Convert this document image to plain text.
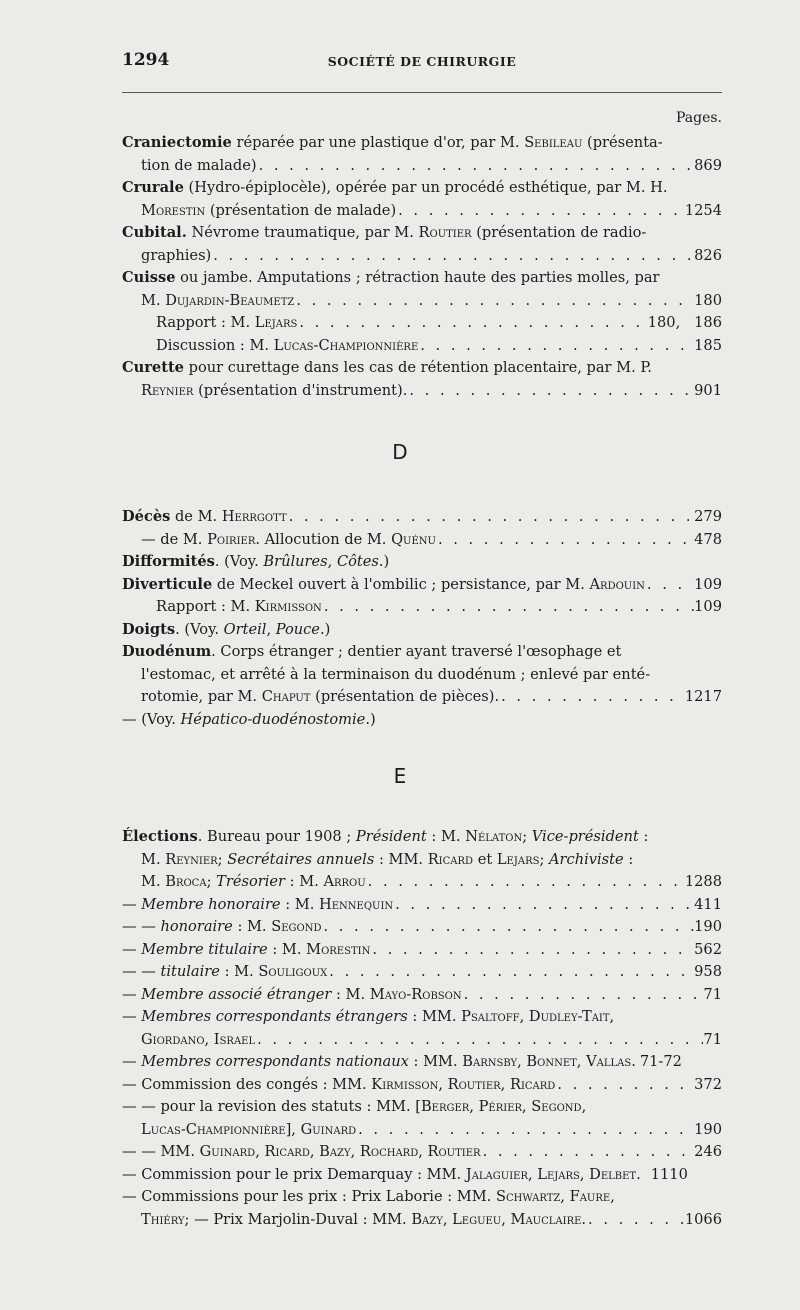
1294	SOCIÉTÉ DE CHIRURGIE
Pages.
Craniectomie réparée par une plastique d'or, par M. Sebileau (présenta-
tion de malade) . . .	869
Crurale (Hydro-épiplocèle), opérée par un procédé esthétique, par M. H.
Morestin (présentation de malade) . . .	1254
Cubital. Névrome traumatique, par M. Routier (présentation de radio-
graphies) . . .	826
Cuisse ou jambe. Amputations ; rétraction haute des parties molles, par
M. Dujardin-Beaumetz . . .	180
Rapport : M. Lejars . . .	180, 186
Discussion : M. Lucas-Championnière . . .	185
Curette pour curettage dans les cas de rétention placentaire, par M. P.
Reynier (présentation d'instrument). . . .	901
D
Décès de M. Herrgott . . .	279
— de M. Poirier. Allocution de M. Quénu . . .	478
Difformités. (Voy. Brûlures, Côtes.)
Diverticule de Meckel ouvert à l'ombilic ; persistance, par M. Ardouin . . .	109
Rapport : M. Kirmisson . . .	109
Doigts. (Voy. Orteil, Pouce.)
Duodénum. Corps étranger ; dentier ayant traversé l'œsophage et
l'estomac, et arrêté à la terminaison du duodénum ; enlevé par enté-
rotomie, par M. Chaput (présentation de pièces). . . .	1217
— (Voy. Hépatico-duodénostomie.)
E
Élections. Bureau pour 1908 ; Président : M. Nélaton; Vice-président :
M. Reynier; Secrétaires annuels : MM. Ricard et Lejars; Archiviste :
M. Broca; Trésorier : M. Arrou . . .	1288
— Membre honoraire : M. Hennequin . . .	411
— — honoraire : M. Segond . . .	190
— Membre titulaire : M. Morestin . . .	562
— — titulaire : M. Souligoux . . .	958
— Membre associé étranger : M. Mayo-Robson . . .	71
— Membres correspondants étrangers : MM. Psaltoff, Dudley-Tait,
Giordano, Israel . . .	71
— Membres correspondants nationaux : MM. Barnsby, Bonnet, Vallas. 71-72
— Commission des congés : MM. Kirmisson, Routier, Ricard . . .	372
— — pour la revision des statuts : MM. [Berger, Périer, Segond,
Lucas-Championnière], Guinard . . .	190
— — MM. Guinard, Ricard, Bazy, Rochard, Routier . . .	246
— Commission pour le prix Demarquay : MM. Jalaguier, Lejars, Delbet. 1110
— Commissions pour les prix : Prix Laborie : MM. Schwartz, Faure,
Thiéry; — Prix Marjolin-Duval : MM. Bazy, Legueu, Mauclaire. . . .	1066
